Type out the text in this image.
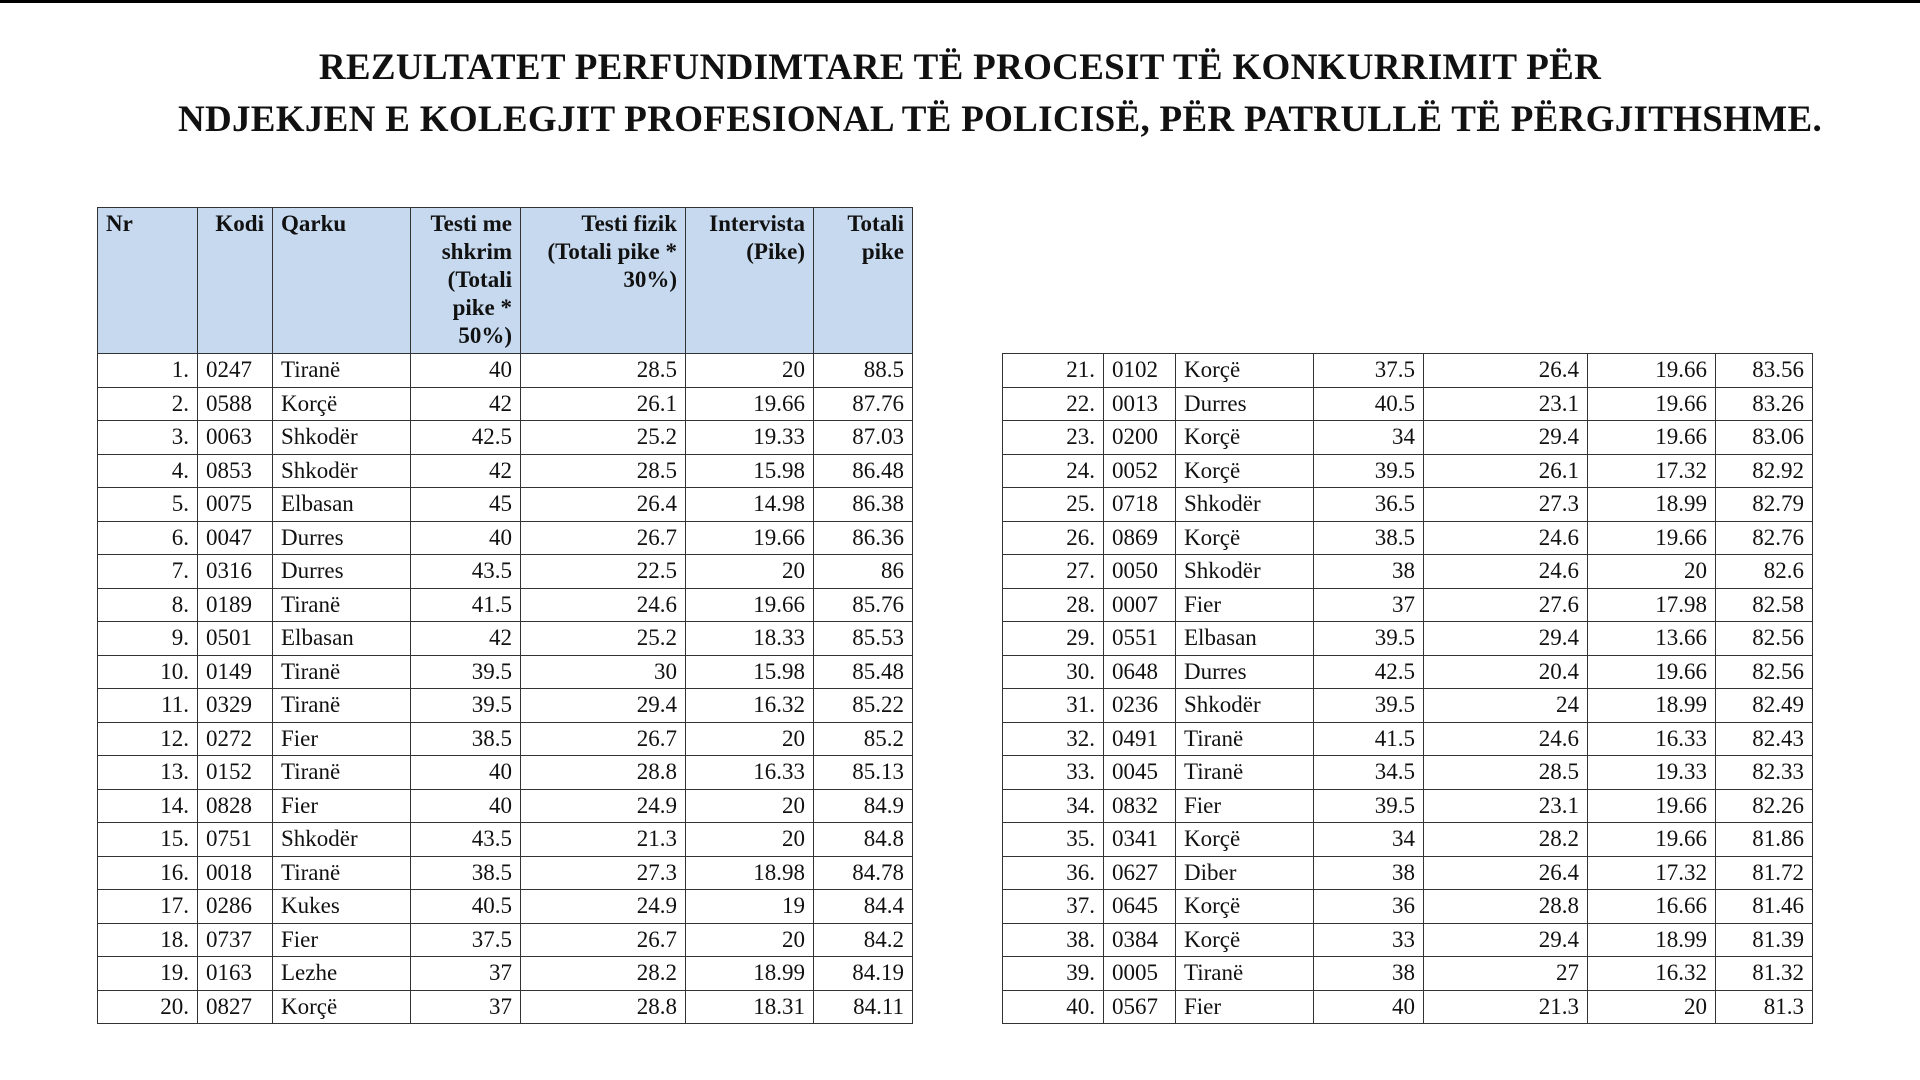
REZULTATET PERFUNDIMTARE TË PROCESIT TË KONKURRIMIT PËR
NDJEKJEN E KOLEGJIT PROFESIONAL TË POLICISË, PËR PATRULLË TË PËRGJITHSHME.
Nr	Kodi	Qarku	Testi me shkrim (Totali pike * 50%)	Testi fizik (Totali pike * 30%)	Intervista (Pike)	Totali pike
1.	0247	Tiranë	40	28.5	20	88.5
2.	0588	Korçë	42	26.1	19.66	87.76
3.	0063	Shkodër	42.5	25.2	19.33	87.03
4.	0853	Shkodër	42	28.5	15.98	86.48
5.	0075	Elbasan	45	26.4	14.98	86.38
6.	0047	Durres	40	26.7	19.66	86.36
7.	0316	Durres	43.5	22.5	20	86
8.	0189	Tiranë	41.5	24.6	19.66	85.76
9.	0501	Elbasan	42	25.2	18.33	85.53
10.	0149	Tiranë	39.5	30	15.98	85.48
11.	0329	Tiranë	39.5	29.4	16.32	85.22
12.	0272	Fier	38.5	26.7	20	85.2
13.	0152	Tiranë	40	28.8	16.33	85.13
14.	0828	Fier	40	24.9	20	84.9
15.	0751	Shkodër	43.5	21.3	20	84.8
16.	0018	Tiranë	38.5	27.3	18.98	84.78
17.	0286	Kukes	40.5	24.9	19	84.4
18.	0737	Fier	37.5	26.7	20	84.2
19.	0163	Lezhe	37	28.2	18.99	84.19
20.	0827	Korçë	37	28.8	18.31	84.11
21.	0102	Korçë	37.5	26.4	19.66	83.56
22.	0013	Durres	40.5	23.1	19.66	83.26
23.	0200	Korçë	34	29.4	19.66	83.06
24.	0052	Korçë	39.5	26.1	17.32	82.92
25.	0718	Shkodër	36.5	27.3	18.99	82.79
26.	0869	Korçë	38.5	24.6	19.66	82.76
27.	0050	Shkodër	38	24.6	20	82.6
28.	0007	Fier	37	27.6	17.98	82.58
29.	0551	Elbasan	39.5	29.4	13.66	82.56
30.	0648	Durres	42.5	20.4	19.66	82.56
31.	0236	Shkodër	39.5	24	18.99	82.49
32.	0491	Tiranë	41.5	24.6	16.33	82.43
33.	0045	Tiranë	34.5	28.5	19.33	82.33
34.	0832	Fier	39.5	23.1	19.66	82.26
35.	0341	Korçë	34	28.2	19.66	81.86
36.	0627	Diber	38	26.4	17.32	81.72
37.	0645	Korçë	36	28.8	16.66	81.46
38.	0384	Korçë	33	29.4	18.99	81.39
39.	0005	Tiranë	38	27	16.32	81.32
40.	0567	Fier	40	21.3	20	81.3
